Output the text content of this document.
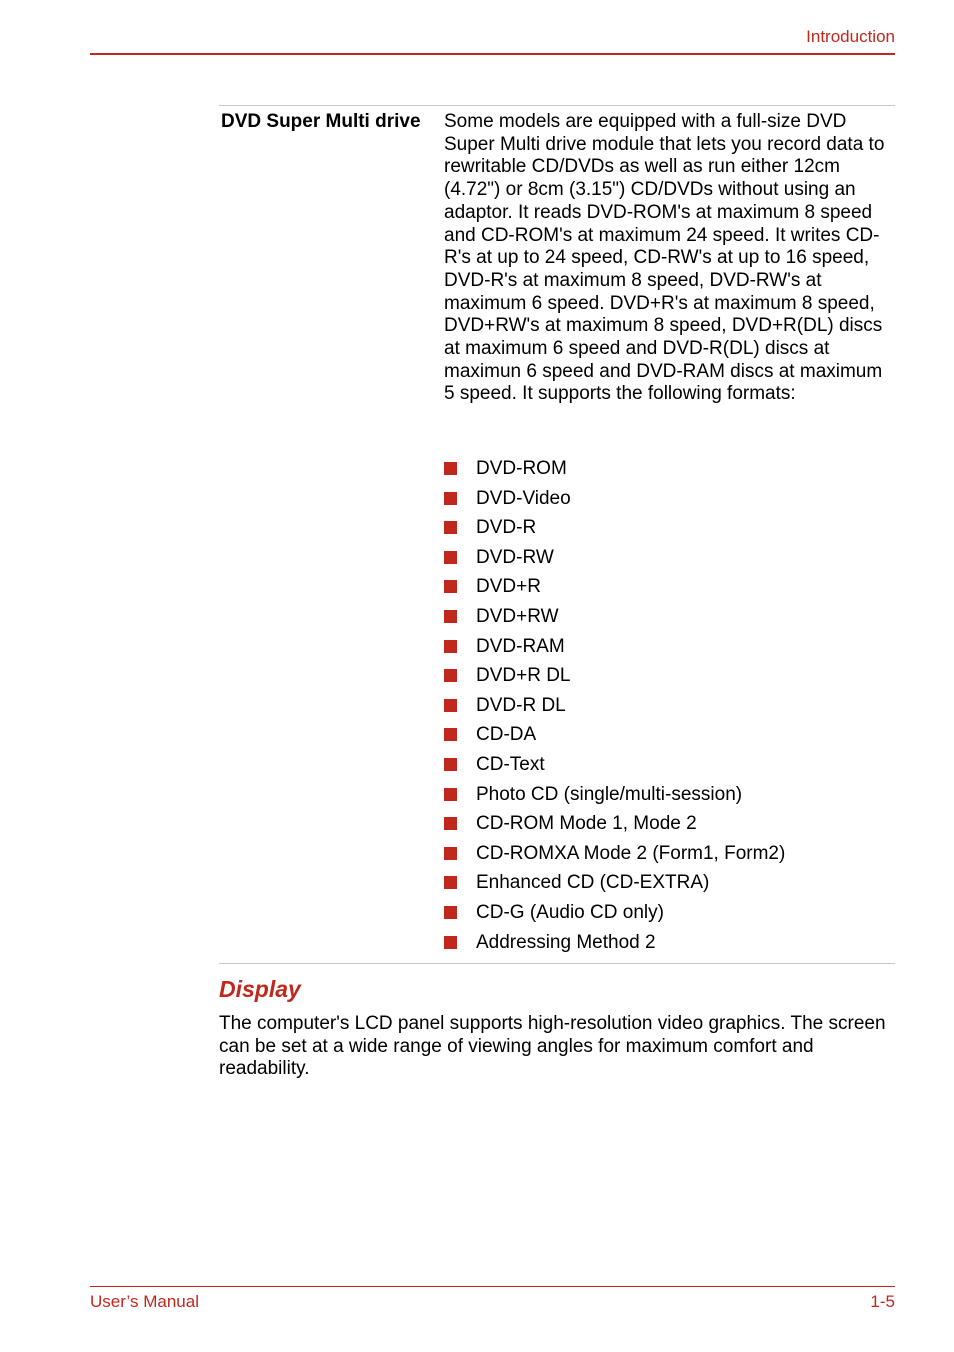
Introduction
DVD Super Multi drive Some models are equipped with a full-size DVD Super Multi drive module that lets you record data to rewritable CD/DVDs as well as run either 12cm (4.72") or 8cm (3.15") CD/DVDs without using an adaptor. It reads DVD-ROM's at maximum 8 speed and CD-ROM's at maximum 24 speed. It writes CD-R's at up to 24 speed, CD-RW's at up to 16 speed, DVD-R's at maximum 8 speed, DVD-RW's at maximum 6 speed. DVD+R's at maximum 8 speed, DVD+RW's at maximum 8 speed, DVD+R(DL) discs at maximum 6 speed and DVD-R(DL) discs at maximun 6 speed and DVD-RAM discs at maximum 5 speed. It supports the following formats:
DVD-ROM
DVD-Video
DVD-R
DVD-RW
DVD+R
DVD+RW
DVD-RAM
DVD+R DL
DVD-R DL
CD-DA
CD-Text
Photo CD (single/multi-session)
CD-ROM Mode 1, Mode 2
CD-ROMXA Mode 2 (Form1, Form2)
Enhanced CD (CD-EXTRA)
CD-G (Audio CD only)
Addressing Method 2
Display

The computer's LCD panel supports high-resolution video graphics. The screen can be set at a wide range of viewing angles for maximum comfort and readability.

User’s Manual	1-5
